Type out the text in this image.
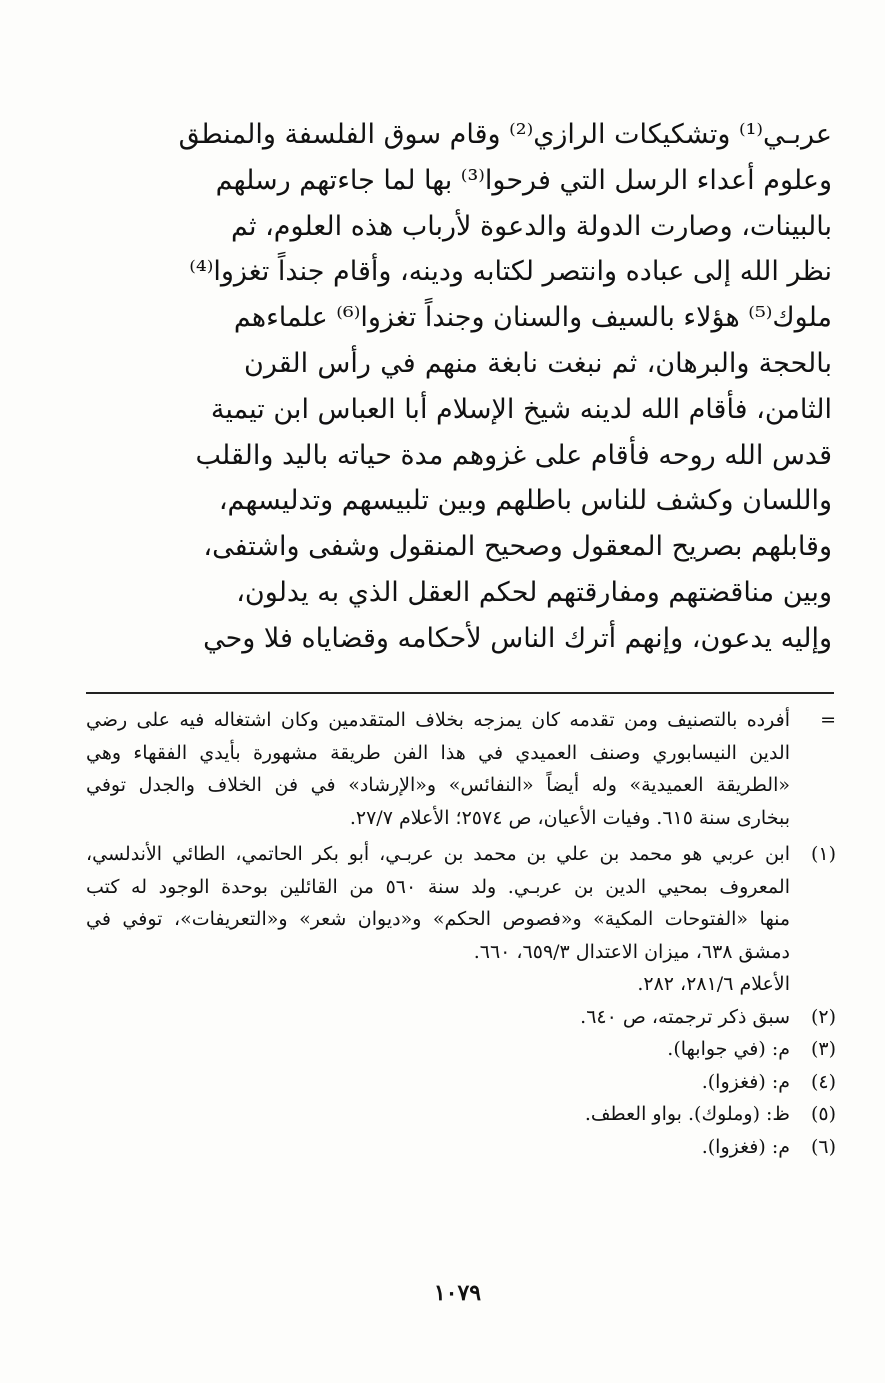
عربـي⁽¹⁾ وتشكيكات الرازي⁽²⁾ وقام سوق الفلسفة والمنطق
وعلوم أعداء الرسل التي فرحوا⁽³⁾ بها لما جاءتهم رسلهم
بالبينات، وصارت الدولة والدعوة لأرباب هذه العلوم، ثم
نظر الله إلى عباده وانتصر لكتابه ودينه، وأقام جنداً تغزوا⁽⁴⁾
ملوك⁽⁵⁾ هؤلاء بالسيف والسنان وجنداً تغزوا⁽⁶⁾ علماءهم
بالحجة والبرهان، ثم نبغت نابغة منهم في رأس القرن
الثامن، فأقام الله لدينه شيخ الإسلام أبا العباس ابن تيمية
قدس الله روحه فأقام على غزوهم مدة حياته باليد والقلب
واللسان وكشف للناس باطلهم وبين تلبيسهم وتدليسهم،
وقابلهم بصريح المعقول وصحيح المنقول وشفى واشتفى،
وبين مناقضتهم ومفارقتهم لحكم العقل الذي به يدلون،
وإليه يدعون، وإنهم أترك الناس لأحكامه وقضاياه فلا وحي
=
أفرده بالتصنيف ومن تقدمه كان يمزجه بخلاف المتقدمين وكان اشتغاله فيه على رضي
الدين النيسابوري وصنف العميدي في هذا الفن طريقة مشهورة بأيدي الفقهاء وهي
«الطريقة العميدية» وله أيضاً «النفائس» و«الإرشاد» في فن الخلاف والجدل توفي
ببخارى سنة ٦١٥. وفيات الأعيان، ص ٢٥٧٤؛ الأعلام ٢٧/٧.
(١)
ابن عربي هو محمد بن علي بن محمد بن عربـي، أبو بكر الحاتمي، الطائي الأندلسي،
المعروف بمحيي الدين بن عربـي. ولد سنة ٥٦٠ من القائلين بوحدة الوجود له كتب
منها «الفتوحات المكية» و«فصوص الحكم» و«ديوان شعر» و«التعريفات»، توفي في
دمشق ٦٣٨، ميزان الاعتدال ٦٥٩/٣، ٦٦٠.
الأعلام ٢٨١/٦، ٢٨٢.
(٢)
سبق ذكر ترجمته، ص ٦٤٠.
(٣)
م: (في جوابها).
(٤)
م: (فغزوا).
(٥)
ظ: (وملوك). بواو العطف.
(٦)
م: (فغزوا).
١٠٧٩
